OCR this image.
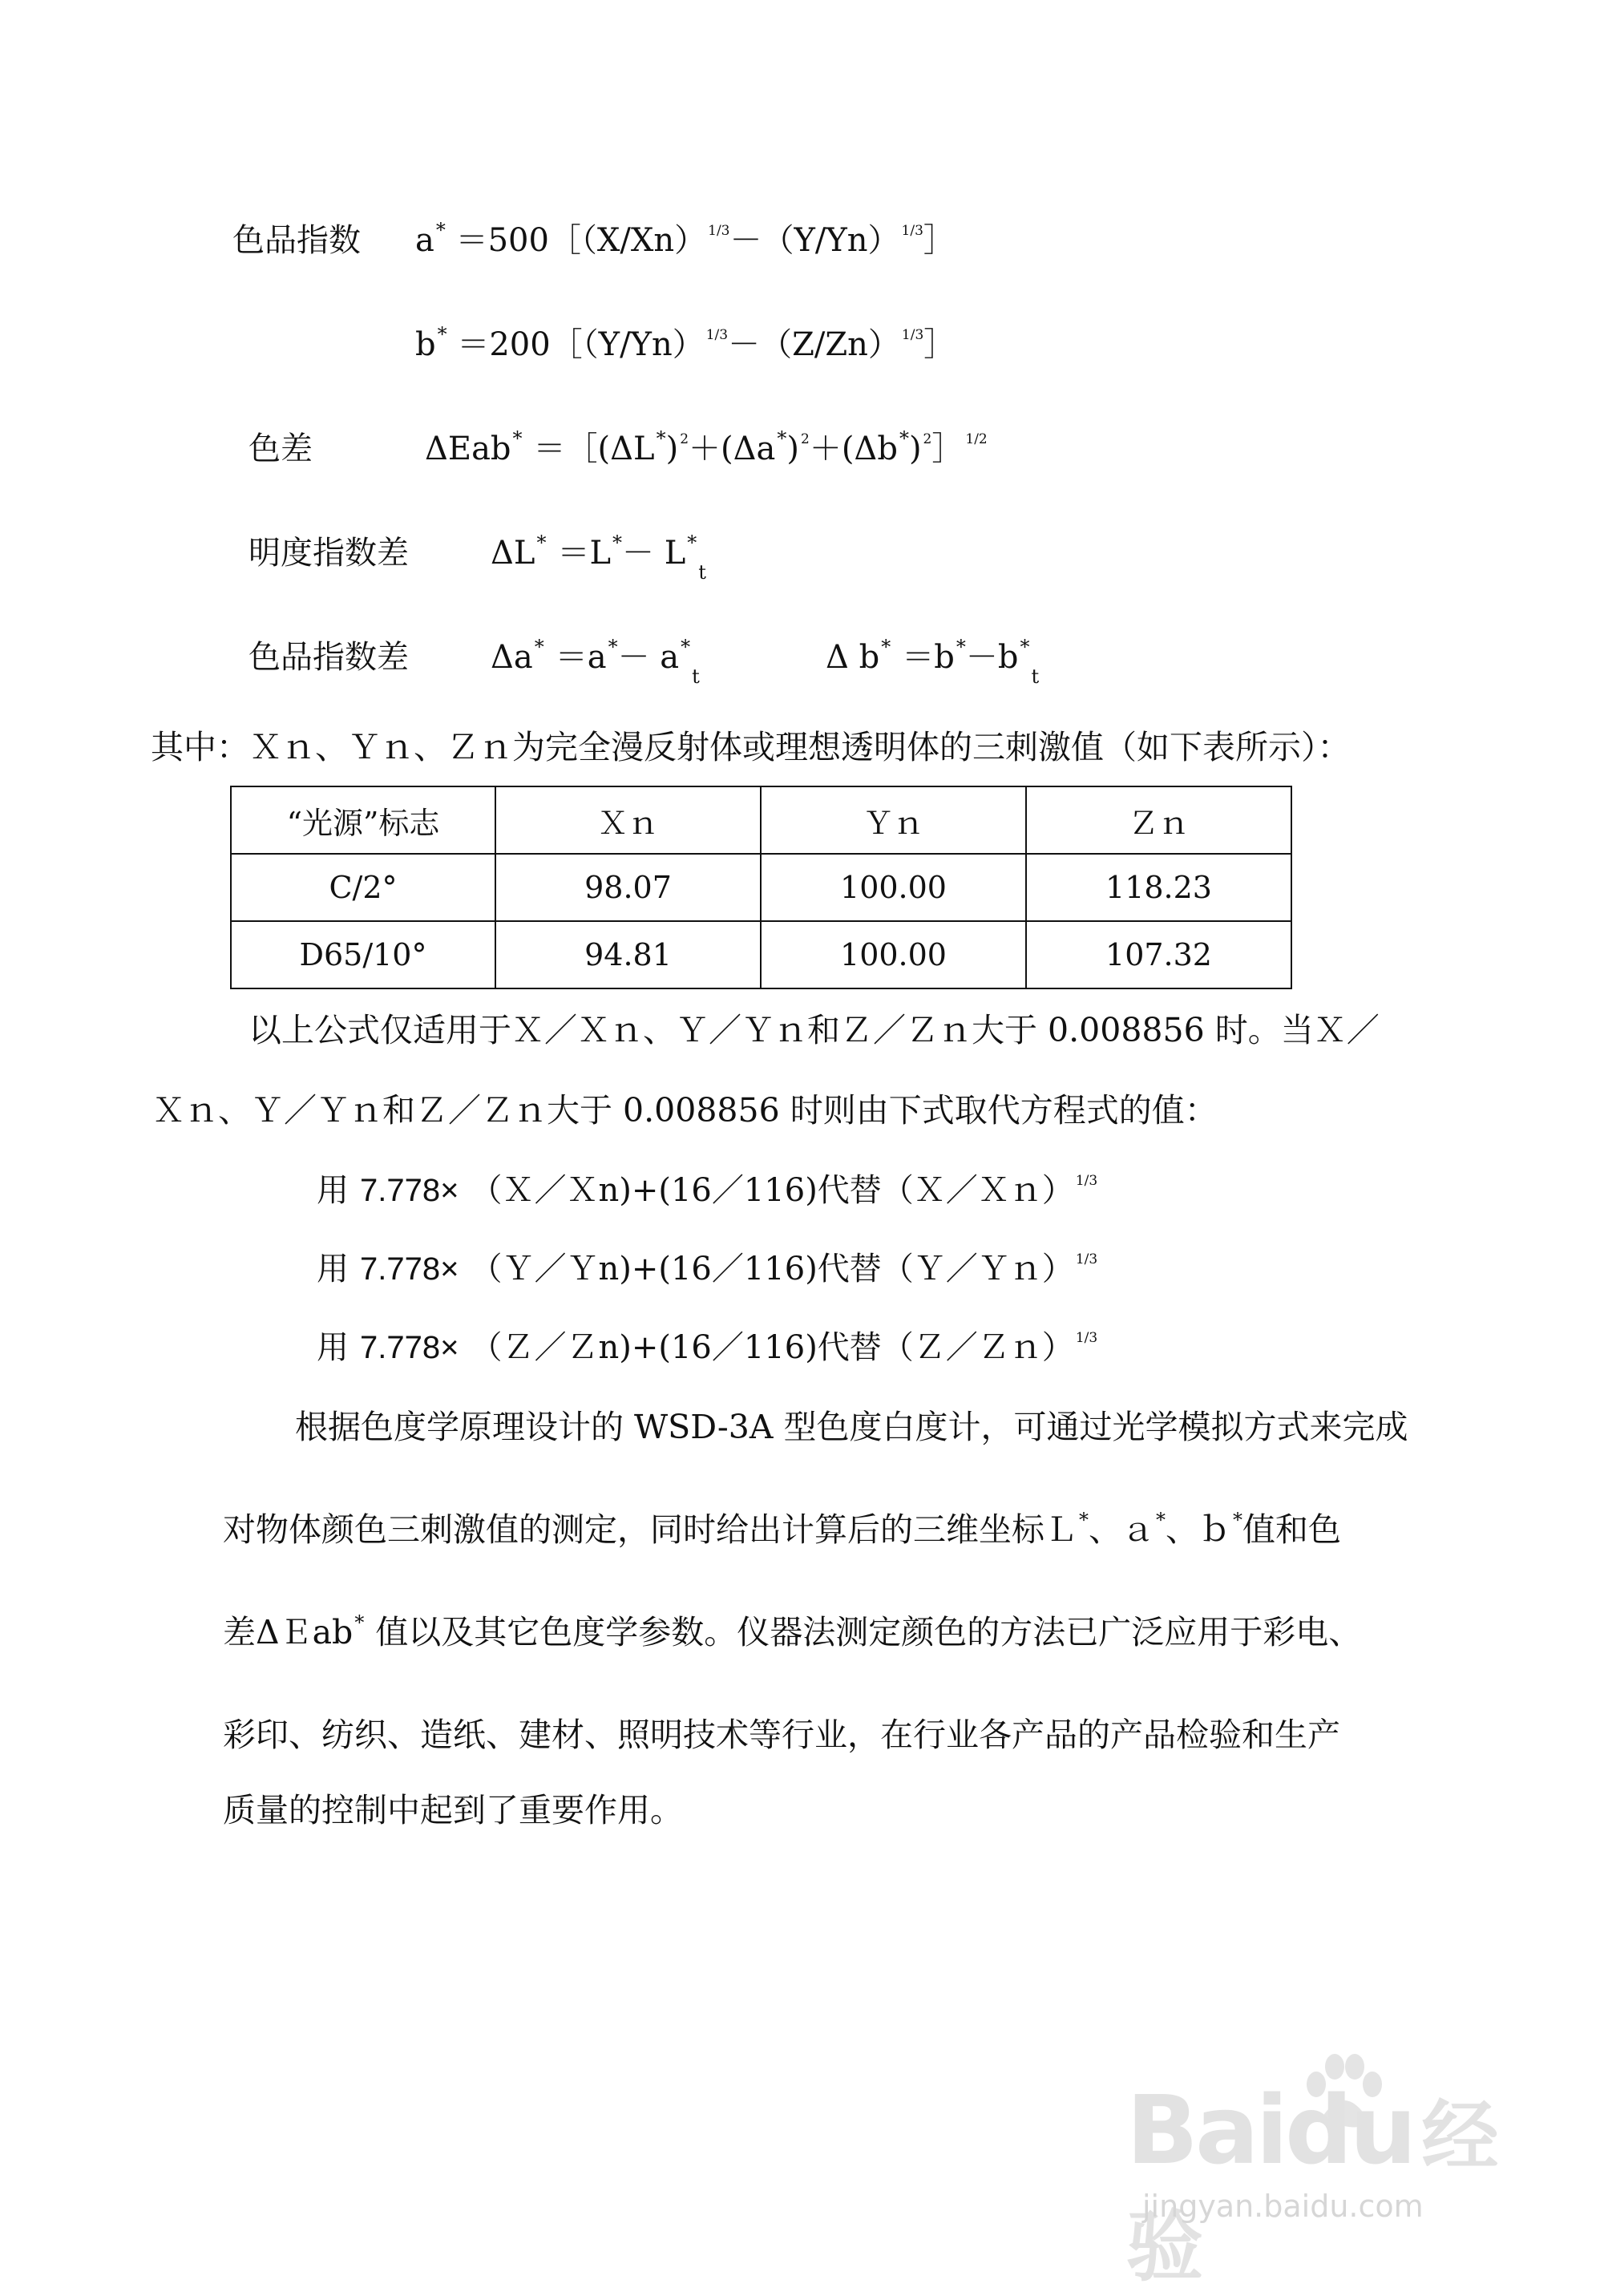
色品指数 a* ＝500［（X/Xn） $^{1/3}$－（Y/Yn） $^{1/3}$］
b* ＝200［（Y/Yn） $^{1/3}$－（Z/Zn） $^{1/3}$］
色差	ΔEab* ＝［(ΔL*) $^2$＋(Δa*) $^2$＋(Δb*) $^2$］ $^{1/2}$
明度指数差	$\Delta L^* =L^*- L^*_t$
色品指数差	$\Delta a^* =a^*- a^*_t$
Δ $b^* =b^*-b^*_t$
其中：Ｘｎ、Ｙｎ、Ｚｎ为完全漫反射体或理想透明体的三刺激值（如下表所示）：
“光源”标志	Ｘｎ	Ｙｎ	Ｚｎ
C/2°	98.07	100.00	118.23
D65/10°	94.81	100.00	107.32
以上公式仅适用于Ｘ／Ｘｎ、Ｙ／Ｙｎ和Ｚ／Ｚｎ大于 0.008856 时。当Ｘ／
Ｘｎ、Ｙ／Ｙｎ和Ｚ／Ｚｎ大于 0.008856 时则由下式取代方程式的值：
用 7.778× （Ｘ／Ｘn)+(16／116)代替（Ｘ／Ｘｎ） $^{1/3}$
用 7.778× （Ｙ／Ｙn)+(16／116)代替（Ｙ／Ｙｎ） $^{1/3}$
用 7.778× （Ｚ／Ｚn)+(16／116)代替（Ｚ／Ｚｎ） $^{1/3}$
根据色度学原理设计的 WSD-3A 型色度白度计，可通过光学模拟方式来完成
对物体颜色三刺激值的测定，同时给出计算后的三维坐标Ｌ*、ａ*、ｂ*值和色
差ΔＥab* 值以及其它色度学参数。仪器法测定颜色的方法已广泛应用于彩电、
彩印、纺织、造纸、建材、照明技术等行业，在行业各产品的产品检验和生产
质量的控制中起到了重要作用。
Baidu 经验
jingyan.baidu.com
